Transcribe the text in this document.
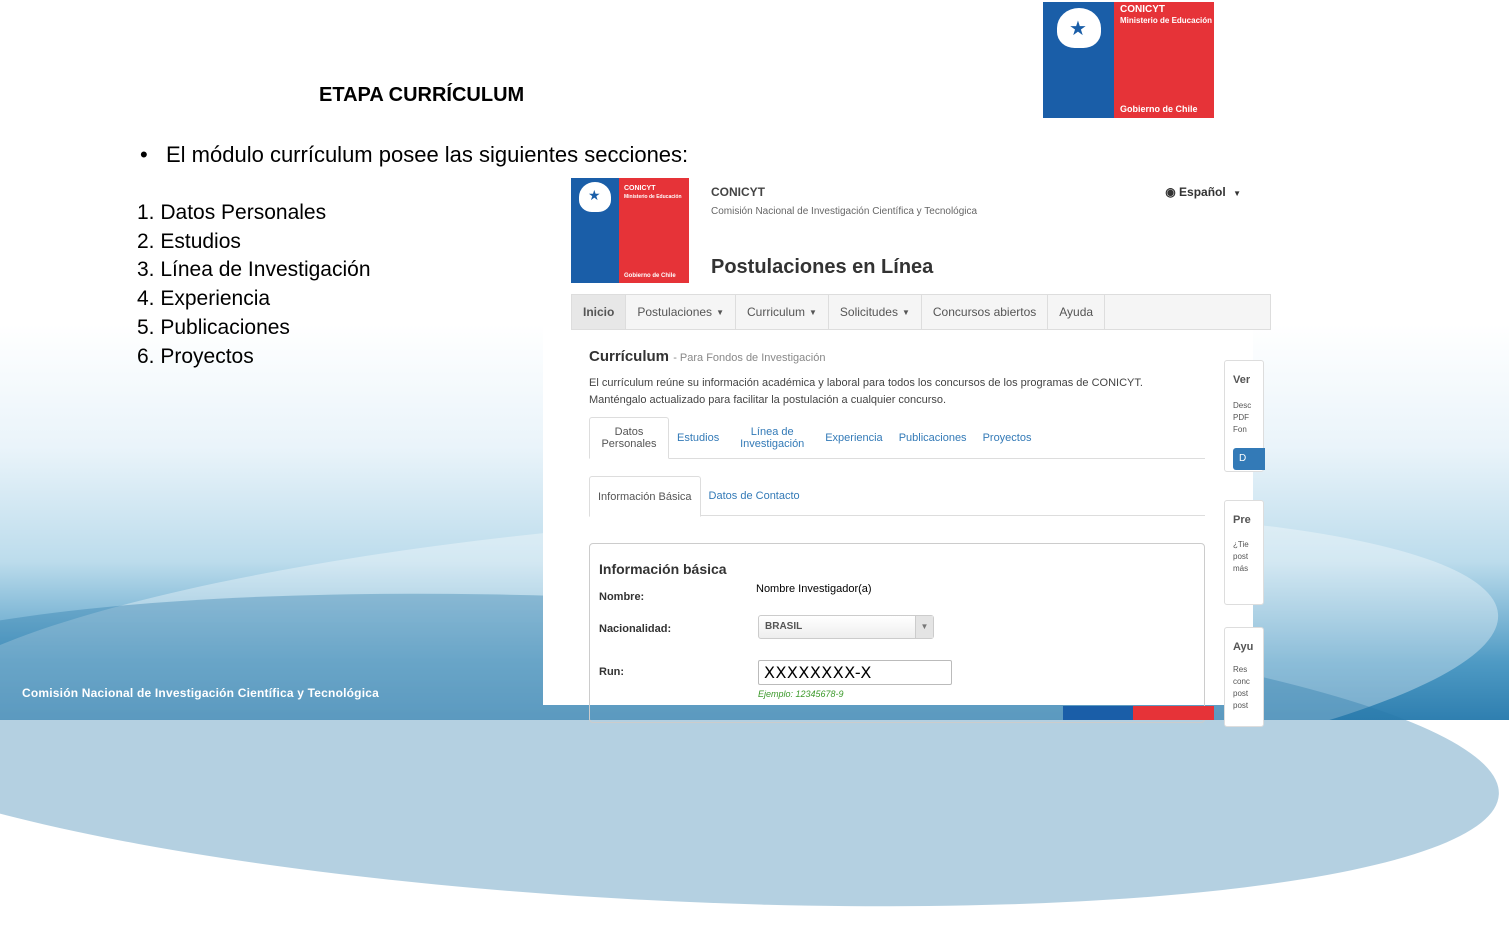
★
CONICYT
Ministerio de Educación
Gobierno de Chile
ETAPA CURRÍCULUM
• El módulo currículum posee las siguientes secciones:
1. Datos Personales
2. Estudios
3. Línea de Investigación
4. Experiencia
5. Publicaciones
6. Proyectos
★
CONICYT
Ministerio de Educación
Gobierno de Chile
CONICYT
Comisión Nacional de Investigación Científica y Tecnológica
Postulaciones en Línea
◉ Español ▼
Inicio	Postulaciones ▼ Curriculum ▼ Solicitudes ▼	Concursos abiertos	Ayuda
Currículum - Para Fondos de Investigación
El currículum reúne su información académica y laboral para todos los concursos de los programas de CONICYT. Manténgalo actualizado para facilitar la postulación a cualquier concurso.
Datos Personales	Estudios	Línea de Investigación	Experiencia	Publicaciones	Proyectos
Información Básica	Datos de Contacto
Información básica
Nombre:
Nombre Investigador(a)
Nacionalidad:	BRASIL	▼
Run:	XXXXXXXX-X
Ejemplo: 12345678-9
Ver
Desc
PDF
Fon
D
Pre
¿Tie
post
más
Ayu
Res
conc
post
post
Comisión Nacional de Investigación Científica y Tecnológica
